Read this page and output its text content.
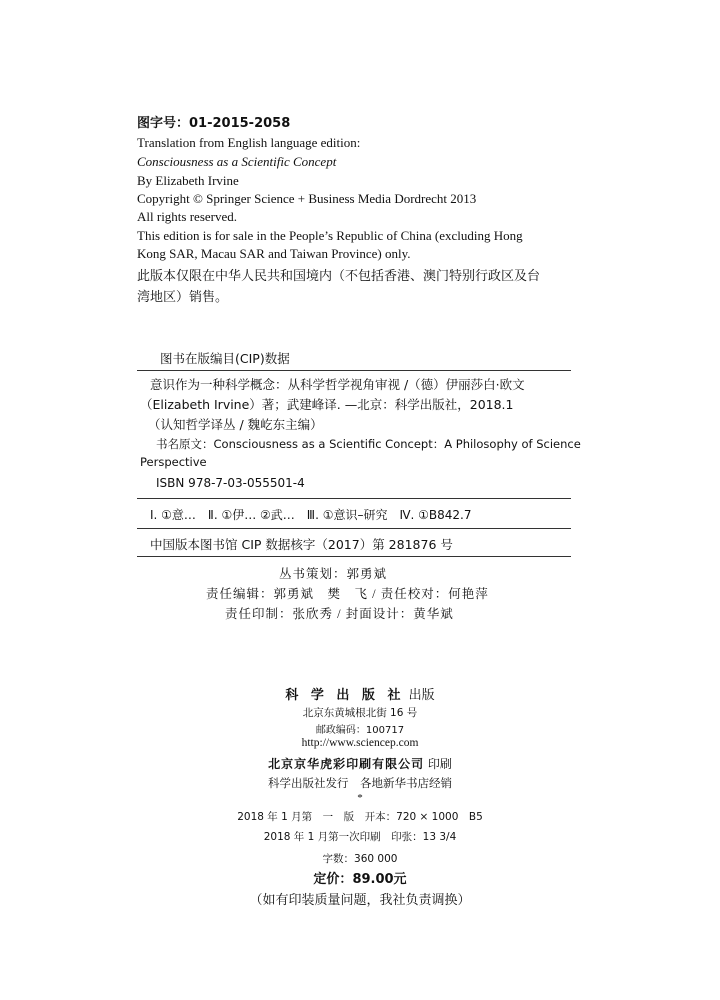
图字号：01-2015-2058
Translation from English language edition:
Consciousness as a Scientific Concept
By Elizabeth Irvine
Copyright © Springer Science + Business Media Dordrecht 2013
All rights reserved.
This edition is for sale in the People’s Republic of China (excluding Hong
Kong SAR, Macau SAR and Taiwan Province) only.
此版本仅限在中华人民共和国境内（不包括香港、澳门特别行政区及台
湾地区）销售。
图书在版编目(CIP)数据
意识作为一种科学概念：从科学哲学视角审视 /（德）伊丽莎白·欧文
（Elizabeth Irvine）著；武建峰译. —北京：科学出版社，2018.1
（认知哲学译丛 / 魏屹东主编）
书名原文：Consciousness as a Scientific Concept：A Philosophy of Science
Perspective
ISBN 978-7-03-055501-4
Ⅰ. ①意…　Ⅱ. ①伊… ②武…　Ⅲ. ①意识–研究　Ⅳ. ①B842.7
中国版本图书馆 CIP 数据核字（2017）第 281876 号
丛书策划：郭勇斌
责任编辑：郭勇斌　樊　飞 / 责任校对：何艳萍
责任印制：张欣秀 / 封面设计：黄华斌
科 学 出 版 社 出版
北京东黄城根北街 16 号
邮政编码：100717
http://www.sciencep.com
北京京华虎彩印刷有限公司 印刷
科学出版社发行　各地新华书店经销
*
2018 年 1 月第　一　版　开本：720 × 1000　B5
2018 年 1 月第一次印刷　印张：13 3/4
字数：360 000
定价：89.00元
（如有印装质量问题，我社负责调换）
